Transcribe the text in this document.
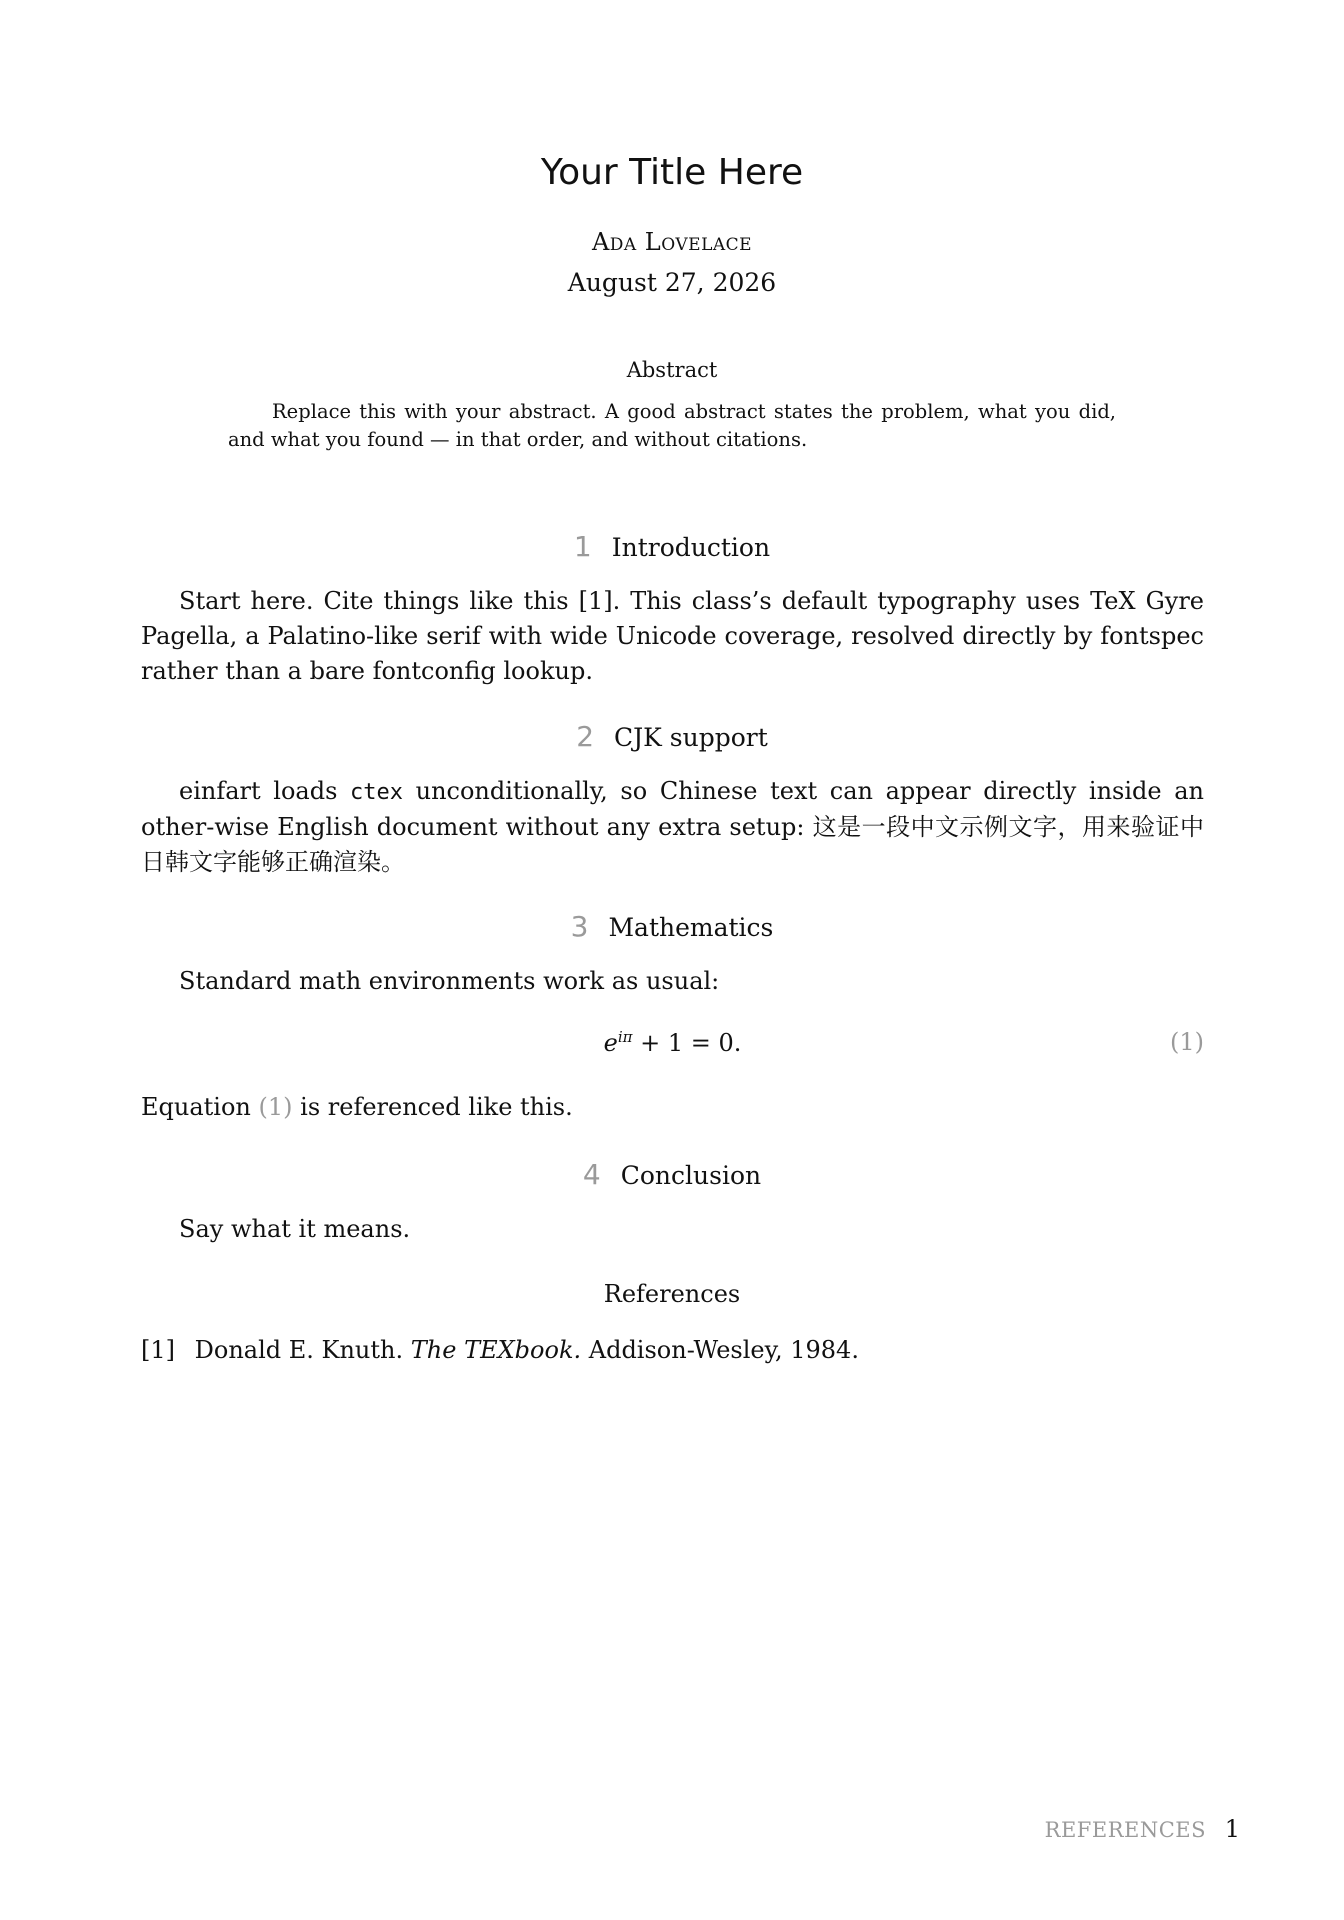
Your Title Here
Ada Lovelace
August 27, 2026
Abstract
Replace this with your abstract. A good abstract states the problem, what you did, and what you found — in that order, and without citations.
1 Introduction
Start here. Cite things like this [1]. This class’s default typography uses TeX Gyre Pagella, a Palatino-like serif with wide Unicode coverage, resolved directly by fontspec rather than a bare fontconfig lookup.
2 CJK support
einfart loads ctex unconditionally, so Chinese text can appear directly inside an other-wise English document without any extra setup: 这是一段中文示例文字，用来验证中日韩文字能够正确渲染。
3 Mathematics
Standard math environments work as usual:
$e^{i\pi} + 1 = 0$.	(1)
Equation (1) is referenced like this.
4 Conclusion
Say what it means.
References
[1] Donald E. Knuth. The TEXbook. Addison-Wesley, 1984.
REFERENCES 1
